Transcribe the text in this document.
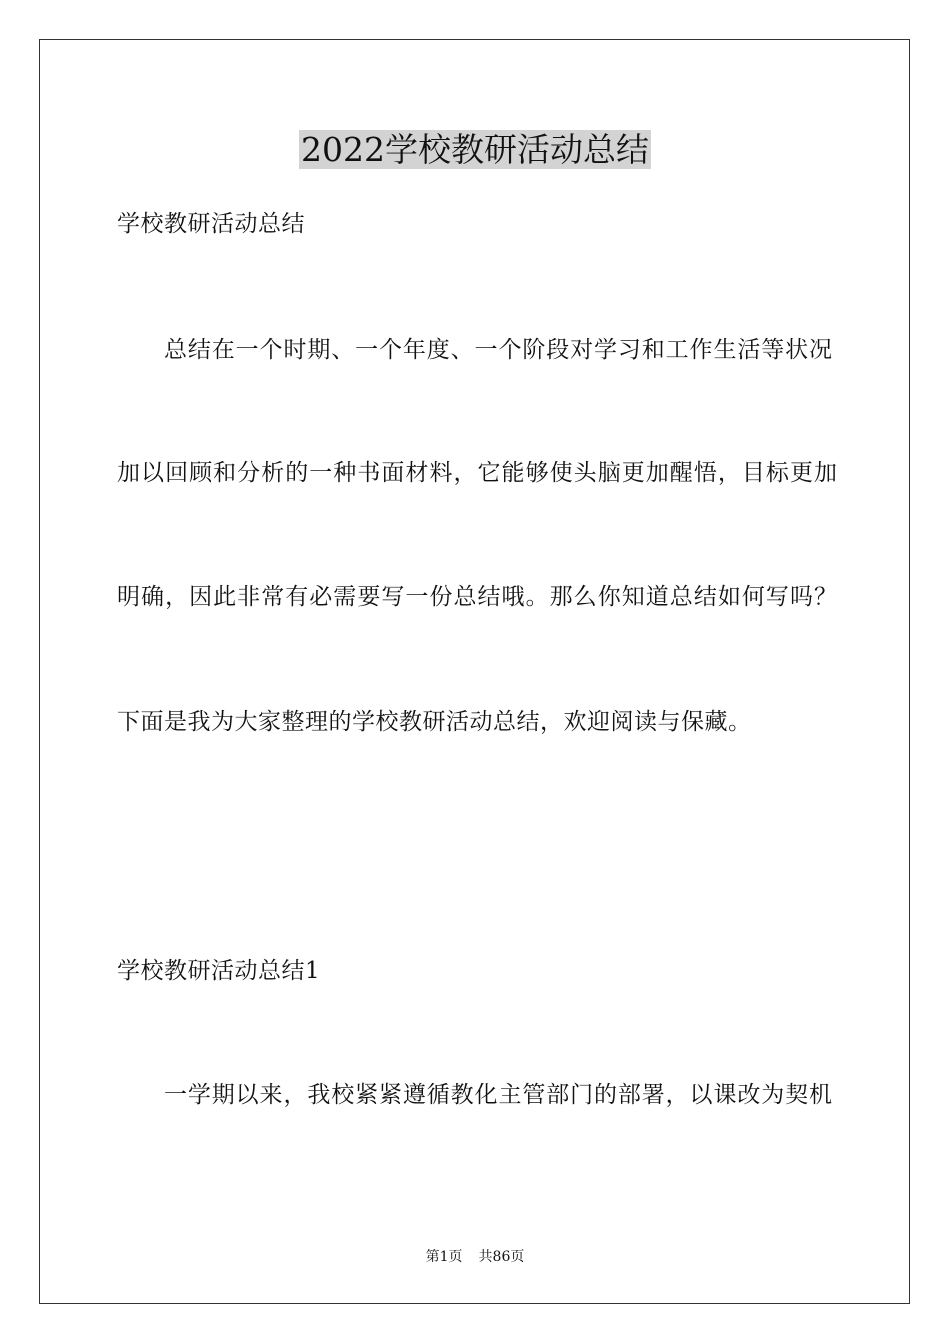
2022学校教研活动总结
学校教研活动总结
总结在一个时期、一个年度、一个阶段对学习和工作生活等状况
加以回顾和分析的一种书面材料，它能够使头脑更加醒悟，目标更加
明确，因此非常有必需要写一份总结哦。那么你知道总结如何写吗？
下面是我为大家整理的学校教研活动总结，欢迎阅读与保藏。
学校教研活动总结1
一学期以来，我校紧紧遵循教化主管部门的部署，以课改为契机
第1页 共86页
